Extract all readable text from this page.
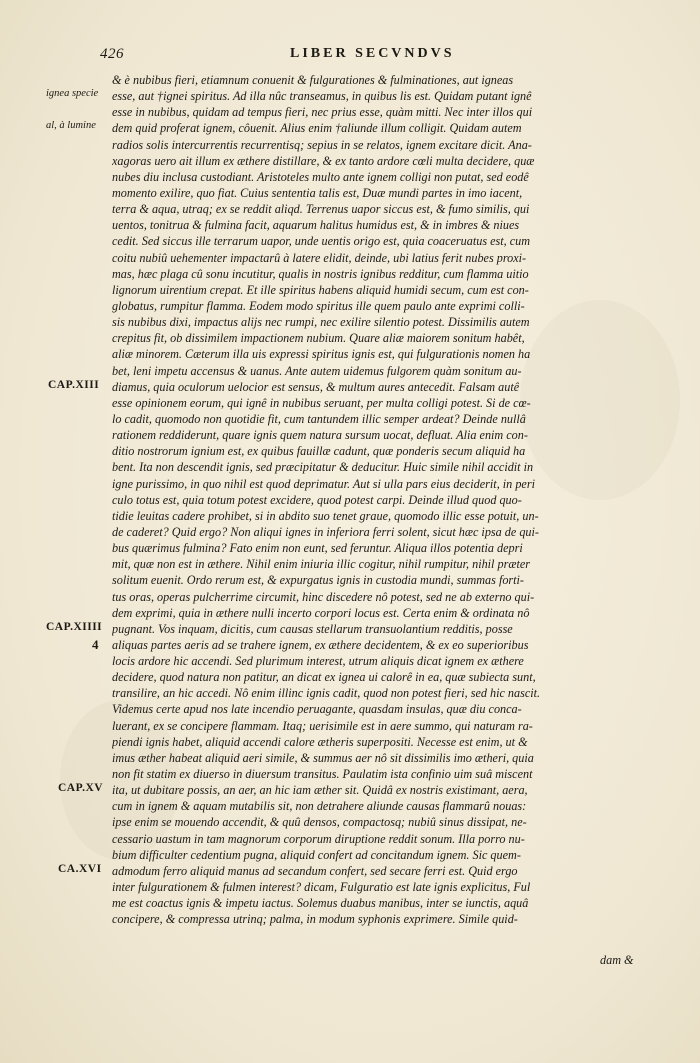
426	LIBER SECVNDVS
ignea specie
al, à lumine
CAP.XIII
CAP.XIIII
4
CAP.XV
CA.XVI
& è nubibus fieri, etiamnum conuenit & fulgurationes & fulminationes, aut igneas
esse, aut †ignei spiritus. Ad illa nûc transeamus, in quibus lis est. Quidam putant ignê
esse in nubibus, quidam ad tempus fieri, nec prius esse, quàm mitti. Nec inter illos qui
dem quid proferat ignem, côuenit. Alius enim †aliunde illum colligit. Quidam autem
radios solis intercurrentis recurrentisq; sepius in se relatos, ignem excitare dicit. Ana-
xagoras uero ait illum ex æthere distillare, & ex tanto ardore cœli multa decidere, quæ
nubes diu inclusa custodiant. Aristoteles multo ante ignem colligi non putat, sed eodê
momento exilire, quo fiat. Cuius sententia talis est, Duæ mundi partes in imo iacent,
terra & aqua, utraq; ex se reddit aliqd. Terrenus uapor siccus est, & fumo similis, qui
uentos, tonitrua & fulmina facit, aquarum halitus humidus est, & in imbres & niues
cedit. Sed siccus ille terrarum uapor, unde uentis origo est, quia coaceruatus est, cum
coitu nubiû uehementer impactarû à latere elidit, deinde, ubi latius ferit nubes proxi-
mas, hæc plaga cû sonu incutitur, qualis in nostris ignibus redditur, cum flamma uitio
lignorum uirentium crepat. Et ille spiritus habens aliquid humidi secum, cum est con-
globatus, rumpitur flamma. Eodem modo spiritus ille quem paulo ante exprimi colli-
sis nubibus dixi, impactus alijs nec rumpi, nec exilire silentio potest. Dissimilis autem
crepitus fit, ob dissimilem impactionem nubium. Quare aliæ maiorem sonitum habêt,
aliæ minorem. Cæterum illa uis expressi spiritus ignis est, qui fulgurationis nomen ha
bet, leni impetu accensus & uanus. Ante autem uidemus fulgorem quàm sonitum au-
diamus, quia oculorum uelocior est sensus, & multum aures antecedit. Falsam autê
esse opinionem eorum, qui ignê in nubibus seruant, per multa colligi potest. Si de cœ-
lo cadit, quomodo non quotidie fit, cum tantundem illic semper ardeat? Deinde nullâ
rationem reddiderunt, quare ignis quem natura sursum uocat, defluat. Alia enim con-
ditio nostrorum ignium est, ex quibus fauillæ cadunt, quæ ponderis secum aliquid ha
bent. Ita non descendit ignis, sed præcipitatur & deducitur. Huic simile nihil accidit in
igne purissimo, in quo nihil est quod deprimatur. Aut si ulla pars eius deciderit, in peri
culo totus est, quia totum potest excidere, quod potest carpi. Deinde illud quod quo-
tidie leuitas cadere prohibet, si in abdito suo tenet graue, quomodo illic esse potuit, un-
de caderet? Quid ergo? Non aliqui ignes in inferiora ferri solent, sicut hæc ipsa de qui-
bus quærimus fulmina? Fato enim non eunt, sed feruntur. Aliqua illos potentia depri
mit, quæ non est in æthere. Nihil enim iniuria illic cogitur, nihil rumpitur, nihil præter
solitum euenit. Ordo rerum est, & expurgatus ignis in custodia mundi, summas forti-
tus oras, operas pulcherrime circumit, hinc discedere nô potest, sed ne ab externo qui-
dem exprimi, quia in æthere nulli incerto corpori locus est. Certa enim & ordinata nô
pugnant. Vos inquam, dicitis, cum causas stellarum transuolantium redditis, posse
aliquas partes aeris ad se trahere ignem, ex æthere decidentem, & ex eo superioribus
locis ardore hic accendi. Sed plurimum interest, utrum aliquis dicat ignem ex æthere
decidere, quod natura non patitur, an dicat ex ignea ui calorê in ea, quæ subiecta sunt,
transilire, an hic accedi. Nô enim illinc ignis cadit, quod non potest fieri, sed hic nascit.
Videmus certe apud nos late incendio peruagante, quasdam insulas, quæ diu conca-
luerant, ex se concipere flammam. Itaq; uerisimile est in aere summo, qui naturam ra-
piendi ignis habet, aliquid accendi calore ætheris superpositi. Necesse est enim, ut &
imus æther habeat aliquid aeri simile, & summus aer nô sit dissimilis imo ætheri, quia
non fit statim ex diuerso in diuersum transitus. Paulatim ista confinio uim suâ miscent
ita, ut dubitare possis, an aer, an hic iam æther sit. Quidâ ex nostris existimant, aera,
cum in ignem & aquam mutabilis sit, non detrahere aliunde causas flammarû nouas:
ipse enim se mouendo accendit, & quû densos, compactosq; nubiû sinus dissipat, ne-
cessario uastum in tam magnorum corporum diruptione reddit sonum. Illa porro nu-
bium difficulter cedentium pugna, aliquid confert ad concitandum ignem. Sic quem-
admodum ferro aliquid manus ad secandum confert, sed secare ferri est. Quid ergo
inter fulgurationem & fulmen interest? dicam, Fulguratio est late ignis explicitus, Ful
me est coactus ignis & impetu iactus. Solemus duabus manibus, inter se iunctis, aquâ
concipere, & compressa utrinq; palma, in modum syphonis exprimere. Simile quid-
dam &
